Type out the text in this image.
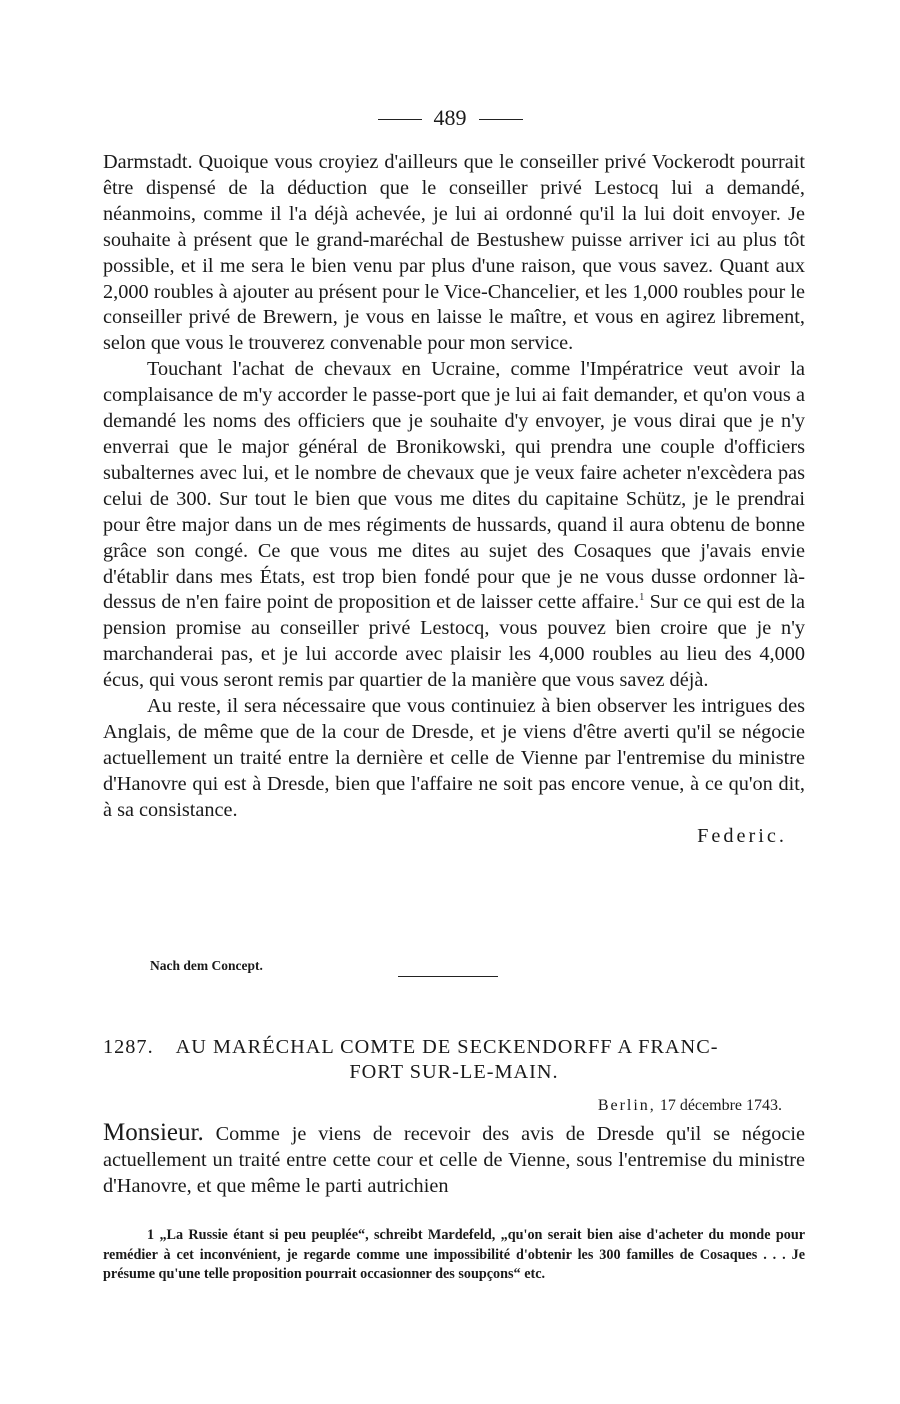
489

Darmstadt. Quoique vous croyiez d'ailleurs que le conseiller privé Vockerodt pourrait être dispensé de la déduction que le conseiller privé Lestocq lui a demandé, néanmoins, comme il l'a déjà achevée, je lui ai ordonné qu'il la lui doit envoyer. Je souhaite à présent que le grand-maréchal de Bestushew puisse arriver ici au plus tôt possible, et il me sera le bien venu par plus d'une raison, que vous savez. Quant aux 2,000 roubles à ajouter au présent pour le Vice-Chancelier, et les 1,000 roubles pour le conseiller privé de Brewern, je vous en laisse le maître, et vous en agirez librement, selon que vous le trouverez convenable pour mon service.

Touchant l'achat de chevaux en Ucraine, comme l'Impératrice veut avoir la complaisance de m'y accorder le passe-port que je lui ai fait demander, et qu'on vous a demandé les noms des officiers que je souhaite d'y envoyer, je vous dirai que je n'y enverrai que le major général de Bronikowski, qui prendra une couple d'officiers subalternes avec lui, et le nombre de chevaux que je veux faire acheter n'excèdera pas celui de 300. Sur tout le bien que vous me dites du capitaine Schütz, je le prendrai pour être major dans un de mes régiments de hussards, quand il aura obtenu de bonne grâce son congé. Ce que vous me dites au sujet des Cosaques que j'avais envie d'établir dans mes États, est trop bien fondé pour que je ne vous dusse ordonner là-dessus de n'en faire point de proposition et de laisser cette affaire.$^1$ Sur ce qui est de la pension promise au conseiller privé Lestocq, vous pouvez bien croire que je n'y marchanderai pas, et je lui accorde avec plaisir les 4,000 roubles au lieu des 4,000 écus, qui vous seront remis par quartier de la manière que vous savez déjà.

Au reste, il sera nécessaire que vous continuiez à bien observer les intrigues des Anglais, de même que de la cour de Dresde, et je viens d'être averti qu'il se négocie actuellement un traité entre la dernière et celle de Vienne par l'entremise du ministre d'Hanovre qui est à Dresde, bien que l'affaire ne soit pas encore venue, à ce qu'on dit, à sa consistance.

Federic.
Nach dem Concept.
1287. AU MARÉCHAL COMTE DE SECKENDORFF A FRANC-
FORT SUR-LE-MAIN.
Berlin, 17 décembre 1743.

Monsieur. Comme je viens de recevoir des avis de Dresde qu'il se négocie actuellement un traité entre cette cour et celle de Vienne, sous l'entremise du ministre d'Hanovre, et que même le parti autrichien

1 „La Russie étant si peu peuplée“, schreibt Mardefeld, „qu'on serait bien aise d'acheter du monde pour remédier à cet inconvénient, je regarde comme une impossibilité d'obtenir les 300 familles de Cosaques . . . Je présume qu'une telle proposition pourrait occasionner des soupçons“ etc.
